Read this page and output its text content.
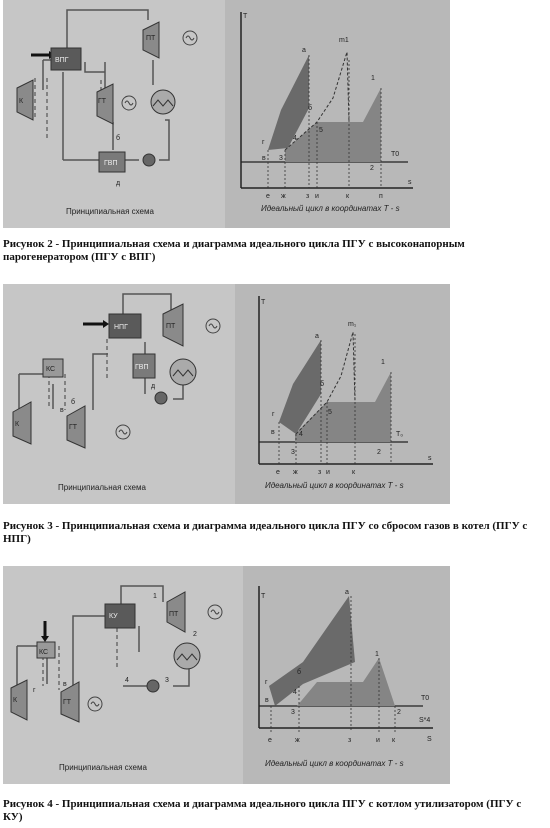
ВПГ
К	ГТ
ПТ
ГВП
Принципиальная схема	Идеальный цикл в координатах T - s
T
s
T0
m1
а
б
1
2
3
4
5
г
в
е ж	з и	к	п
б
д
Рисунок 2 - Принципиальная схема и диаграмма идеального цикла ПГУ с высоконапорным парогенератором (ПГУ с ВПГ)
НПГ
КС
К	ГТ
ПТ
ГВП
Принципиальная схема	Идеальный цикл в координатах T - s
T
s
T₀
m₁
а
б
1
2
3
4
5
г
в
е ж	з и	к
в
б
д
Рисунок 3 - Принципиальная схема и диаграмма идеального цикла ПГУ со сбросом газов в котел (ПГУ с НПГ)
КУ
КС
К	ГТ
ПТ
Принципиальная схема	Идеальный цикл в координатах T - s
T
S
T0
S*4
а
б
1
2
3
4
г
в
е	ж	з	и к
1
2
3
4
г
в
Рисунок 4 - Принципиальная схема и диаграмма идеального цикла ПГУ с котлом утилизатором (ПГУ с КУ)
